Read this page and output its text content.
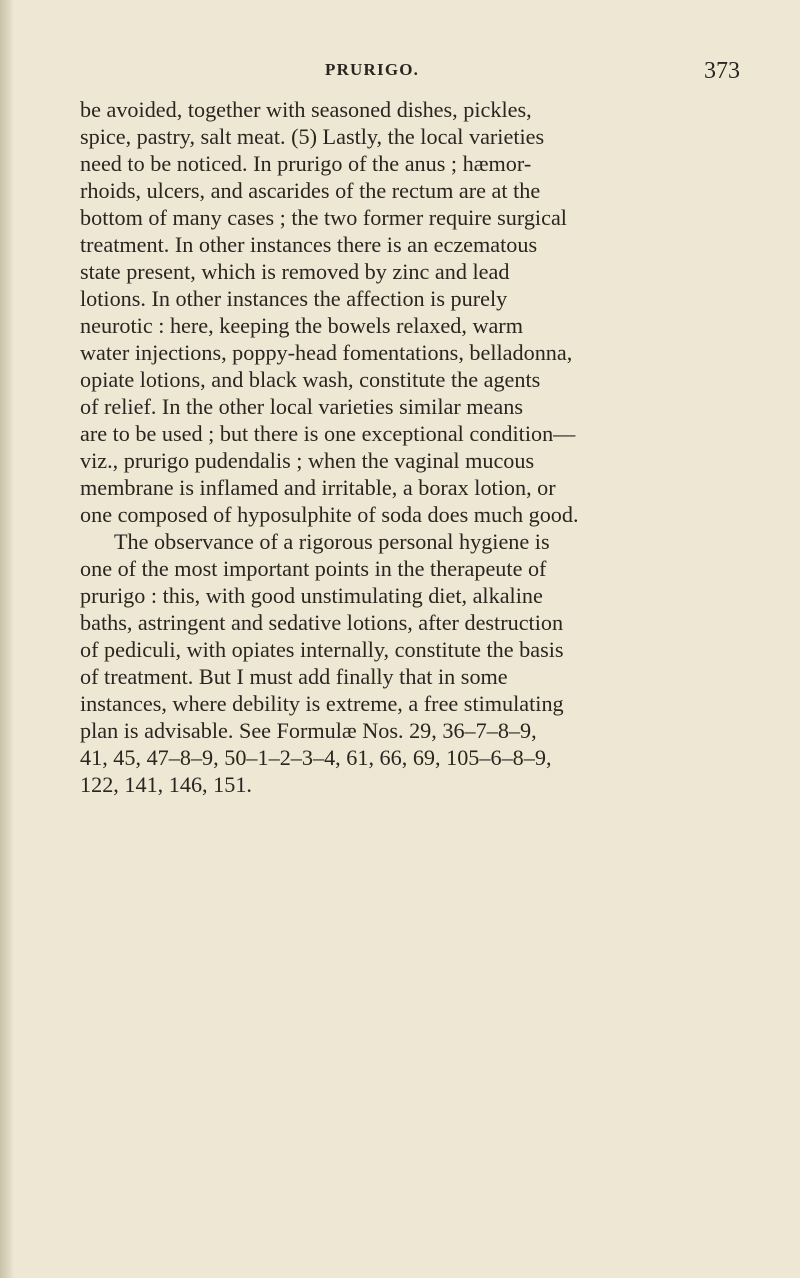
PRURIGO.	373
be avoided, together with seasoned dishes, pickles,
spice, pastry, salt meat. (5) Lastly, the local varieties
need to be noticed. In prurigo of the anus ; hæmor-
rhoids, ulcers, and ascarides of the rectum are at the
bottom of many cases ; the two former require surgical
treatment. In other instances there is an eczematous
state present, which is removed by zinc and lead
lotions. In other instances the affection is purely
neurotic : here, keeping the bowels relaxed, warm
water injections, poppy-head fomentations, belladonna,
opiate lotions, and black wash, constitute the agents
of relief. In the other local varieties similar means
are to be used ; but there is one exceptional condition—
viz., prurigo pudendalis ; when the vaginal mucous
membrane is inflamed and irritable, a borax lotion, or
one composed of hyposulphite of soda does much good.
The observance of a rigorous personal hygiene is
one of the most important points in the therapeute of
prurigo : this, with good unstimulating diet, alkaline
baths, astringent and sedative lotions, after destruction
of pediculi, with opiates internally, constitute the basis
of treatment. But I must add finally that in some
instances, where debility is extreme, a free stimulating
plan is advisable. See Formulæ Nos. 29, 36–7–8–9,
41, 45, 47–8–9, 50–1–2–3–4, 61, 66, 69, 105–6–8–9,
122, 141, 146, 151.
